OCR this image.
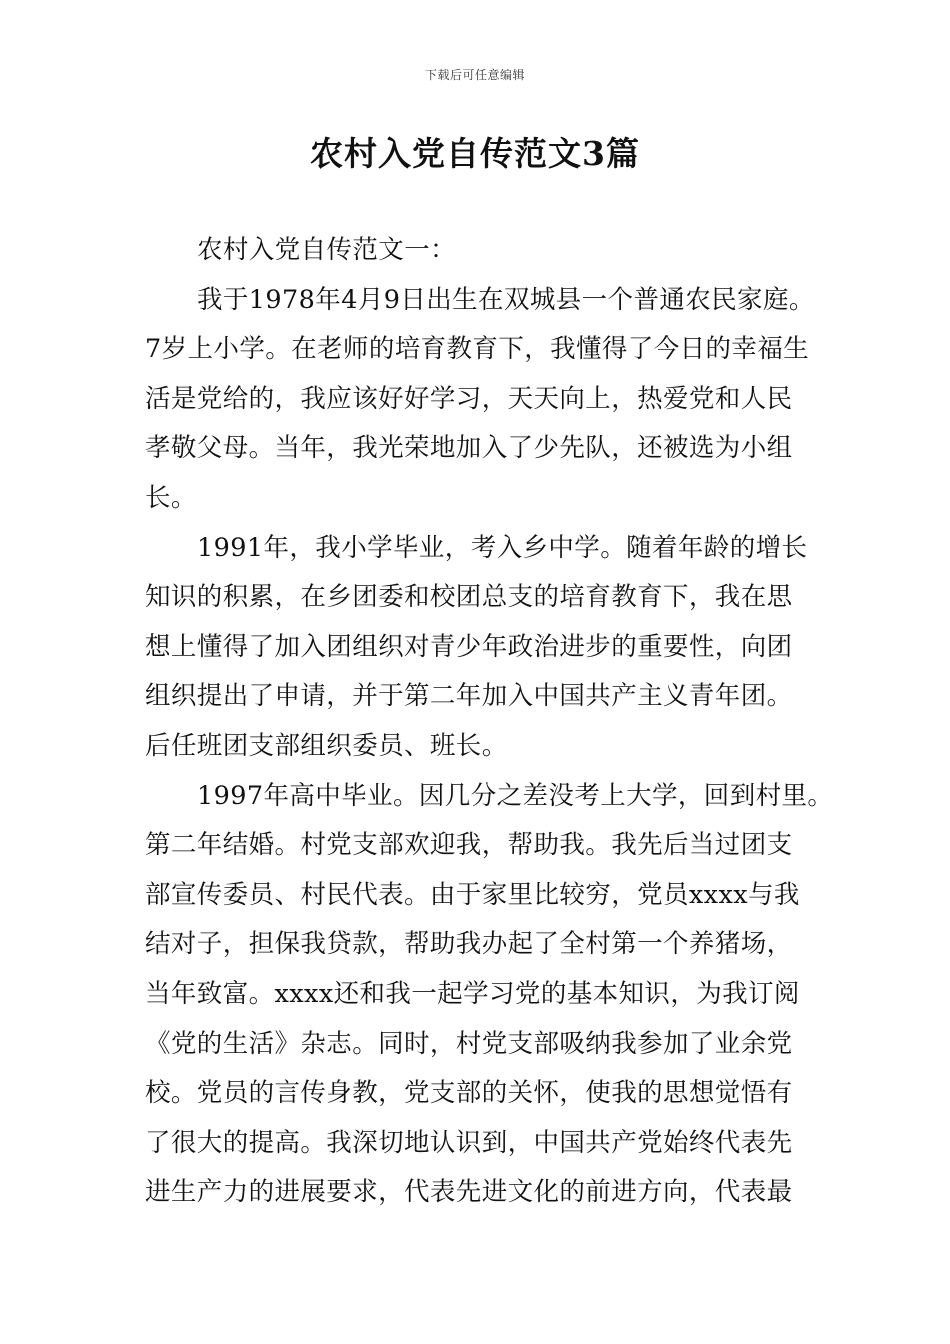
下载后可任意编辑
农村入党自传范文3篇
农村入党自传范文一：
我于1978年4月9日出生在双城县一个普通农民家庭。
7岁上小学。在老师的培育教育下，我懂得了今日的幸福生
活是党给的，我应该好好学习，天天向上，热爱党和人民
孝敬父母。当年，我光荣地加入了少先队，还被选为小组
长。
1991年，我小学毕业，考入乡中学。随着年龄的增长
知识的积累，在乡团委和校团总支的培育教育下，我在思
想上懂得了加入团组织对青少年政治进步的重要性，向团
组织提出了申请，并于第二年加入中国共产主义青年团。
后任班团支部组织委员、班长。
1997年高中毕业。因几分之差没考上大学，回到村里。
第二年结婚。村党支部欢迎我，帮助我。我先后当过团支
部宣传委员、村民代表。由于家里比较穷，党员xxxx与我
结对子，担保我贷款，帮助我办起了全村第一个养猪场，
当年致富。xxxx还和我一起学习党的基本知识，为我订阅
《党的生活》杂志。同时，村党支部吸纳我参加了业余党
校。党员的言传身教，党支部的关怀，使我的思想觉悟有
了很大的提高。我深切地认识到，中国共产党始终代表先
进生产力的进展要求，代表先进文化的前进方向，代表最
